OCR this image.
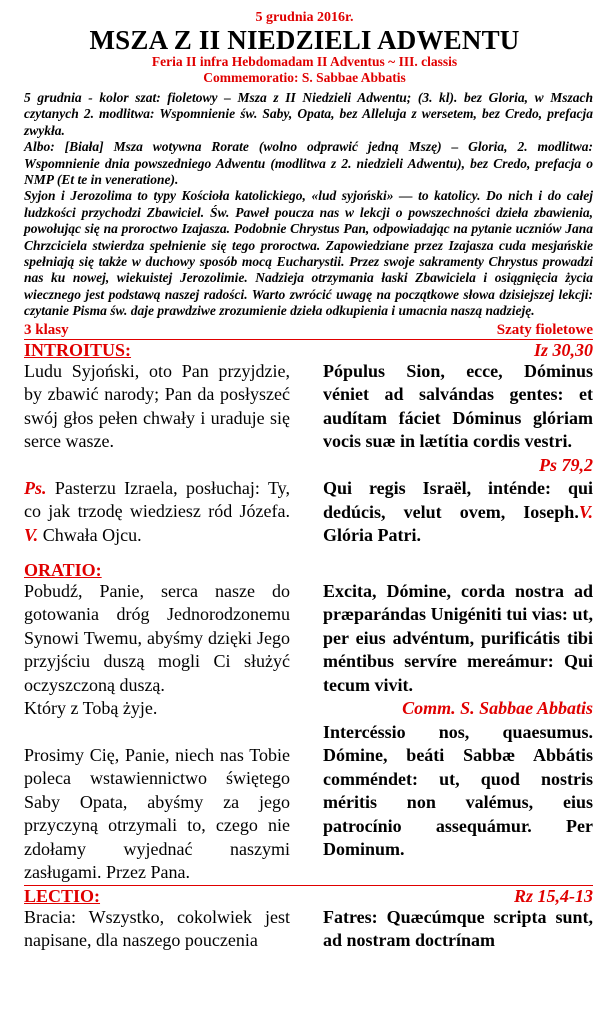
5 grudnia 2016r.
MSZA Z II NIEDZIELI ADWENTU
Feria II infra Hebdomadam II Adventus ~ III. classis
Commemoratio: S. Sabbae Abbatis

5 grudnia - kolor szat: fioletowy – Msza z II Niedzieli Adwentu; (3. kl). bez Gloria, w Mszach czytanych 2. modlitwa: Wspomnienie św. Saby, Opata, bez Alleluja z wersetem, bez Credo, prefacja zwykła.

Albo: [Biała] Msza wotywna Rorate (wolno odprawić jedną Mszę) – Gloria, 2. modlitwa: Wspomnienie dnia powszedniego Adwentu (modlitwa z 2. niedzieli Adwentu), bez Credo, prefacja o NMP (Et te in veneratione).

Syjon i Jerozolima to typy Kościoła katolickiego, «lud syjoński» — to katolicy. Do nich i do całej ludzkości przychodzi Zbawiciel. Św. Paweł poucza nas w lekcji o powszechności dzieła zbawienia, powołując się na proroctwo Izajasza. Podobnie Chrystus Pan, odpowiadając na pytanie uczniów Jana Chrzciciela stwierdza spełnienie się tego proroctwa. Zapowiedziane przez Izajasza cuda mesjańskie spełniają się także w duchowy sposób mocą Eucharystii. Przez swoje sakramenty Chrystus prowadzi nas ku nowej, wiekuistej Jerozolimie. Nadzieja otrzymania łaski Zbawiciela i osiągnięcia życia wiecznego jest podstawą naszej radości. Warto zwrócić uwagę na początkowe słowa dzisiejszej lekcji: czytanie Pisma św. daje prawdziwe zrozumienie dzieła odkupienia i umacnia naszą nadzieję.

3 klasy	Szaty fioletowe
INTROITUS:	Iz 30,30

Ludu Syjoński, oto Pan przyjdzie, by zbawić narody; Pan da posłyszeć swój głos pełen chwały i uraduje się serce wasze.

Ps. Pasterzu Izraela, posłuchaj: Ty, co jak trzodę wiedziesz ród Józefa. V. Chwała Ojcu.

Pópulus Sion, ecce, Dóminus véniet ad salvándas gentes: et audítam fáciet Dóminus glóriam vocis suæ in lætítia cordis vestri.

Ps 79,2

Qui regis Israël, inténde: qui dedúcis, velut ovem, Ioseph.V. Glória Patri.

ORATIO:

Pobudź, Panie, serca nasze do gotowania dróg Jednorodzonemu Synowi Twemu, abyśmy dzięki Jego przyjściu duszą mogli Ci służyć oczyszczoną duszą.

Który z Tobą żyje.

Prosimy Cię, Panie, niech nas Tobie poleca wstawiennictwo świętego Saby Opata, abyśmy za jego przyczyną otrzymali to, czego nie zdołamy wyjednać naszymi zasługami. Przez Pana.

Excita, Dómine, corda nostra ad præparándas Unigéniti tui vias: ut, per eius advéntum, purificátis tibi méntibus servíre mereámur: Qui tecum vivit.

Comm. S. Sabbae Abbatis

Intercéssio nos, quaesumus. Dómine, beáti Sabbæ Abbátis comméndet: ut, quod nostris méritis non valémus, eius patrocínio assequámur. Per Dominum.

LECTIO:	Rz 15,4-13

Bracia: Wszystko, cokolwiek jest napisane, dla naszego pouczenia

Fatres: Quæcúmque scripta sunt, ad nostram doctrínam
